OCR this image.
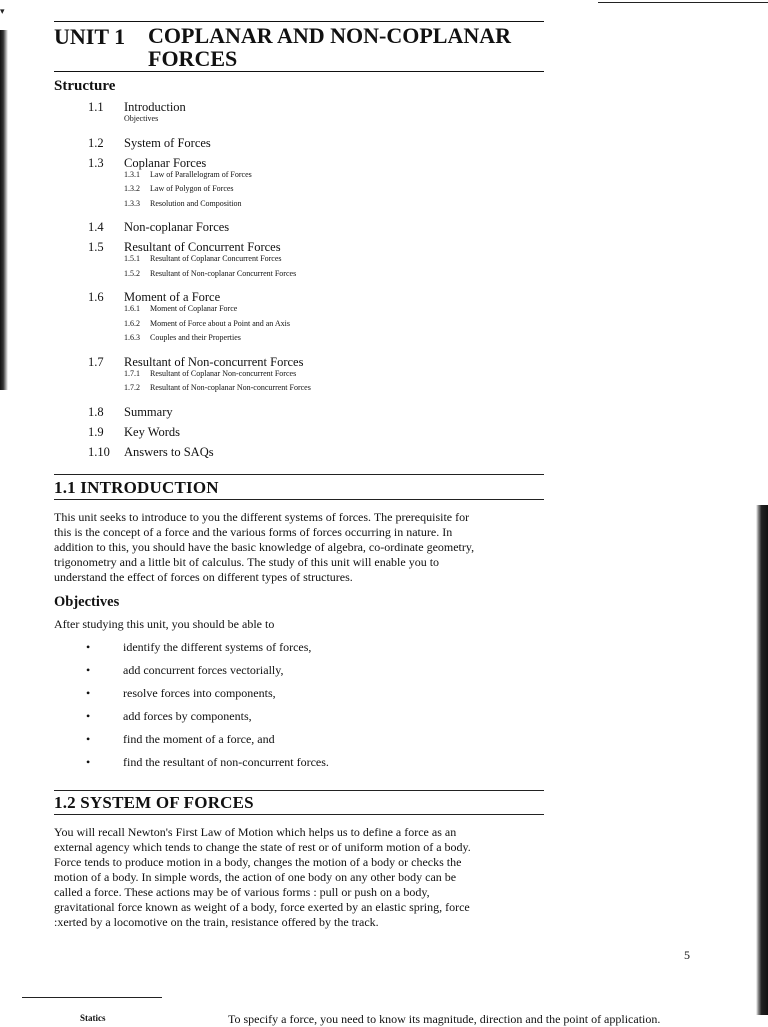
▾
UNIT 1 COPLANAR AND NON-COPLANAR
FORCES
Structure
1.1 Introduction
Objectives
1.2 System of Forces
1.3 Coplanar Forces
1.3.1 Law of Parallelogram of Forces
1.3.2 Law of Polygon of Forces
1.3.3 Resolution and Composition
1.4 Non-coplanar Forces
1.5 Resultant of Concurrent Forces
1.5.1 Resultant of Coplanar Concurrent Forces
1.5.2 Resultant of Non-coplanar Concurrent Forces
1.6 Moment of a Force
1.6.1 Moment of Coplanar Force
1.6.2 Moment of Force about a Point and an Axis
1.6.3 Couples and their Properties
1.7 Resultant of Non-concurrent Forces
1.7.1 Resultant of Coplanar Non-concurrent Forces
1.7.2 Resultant of Non-coplanar Non-concurrent Forces
1.8 Summary
1.9 Key Words
1.10 Answers to SAQs
1.1 INTRODUCTION
This unit seeks to introduce to you the different systems of forces. The prerequisite for
this is the concept of a force and the various forms of forces occurring in nature. In
addition to this, you should have the basic knowledge of algebra, co-ordinate geometry,
trigonometry and a little bit of calculus. The study of this unit will enable you to
understand the effect of forces on different types of structures.
Objectives
After studying this unit, you should be able to
•	identify the different systems of forces,
•	add concurrent forces vectorially,
•	resolve forces into components,
•	add forces by components,
•	find the moment of a force, and
•	find the resultant of non-concurrent forces.
1.2 SYSTEM OF FORCES
You will recall Newton's First Law of Motion which helps us to define a force as an
external agency which tends to change the state of rest or of uniform motion of a body.
Force tends to produce motion in a body, changes the motion of a body or checks the
motion of a body. In simple words, the action of one body on any other body can be
called a force. These actions may be of various forms : pull or push on a body,
gravitational force known as weight of a body, force exerted by an elastic spring, force
:xerted by a locomotive on the train, resistance offered by the track.
5
Statics	To specify a force, you need to know its magnitude, direction and the point of application.
